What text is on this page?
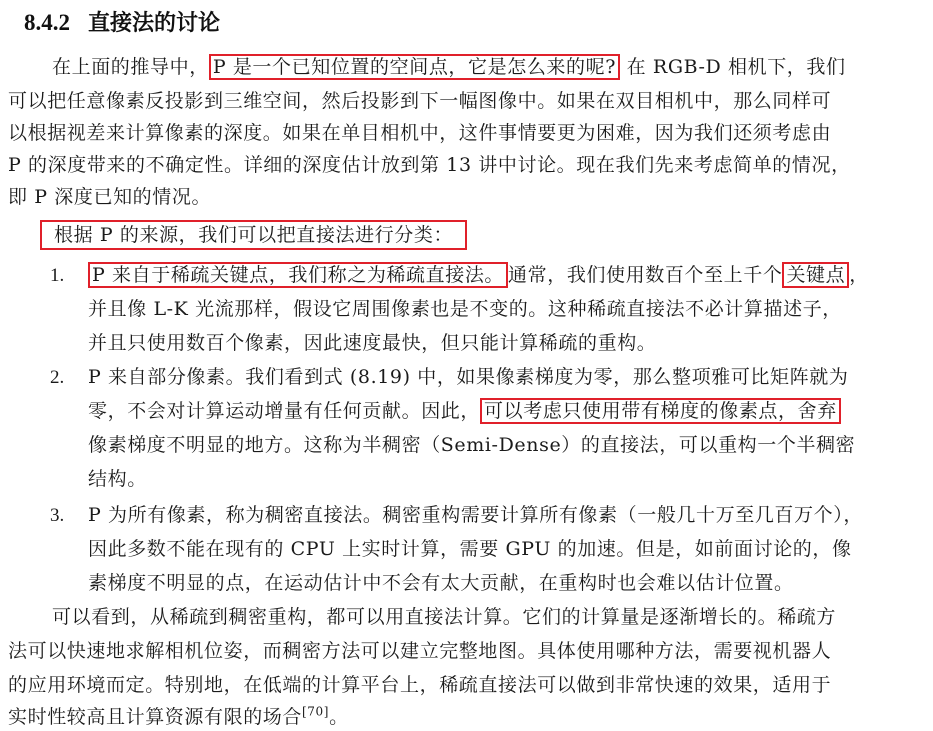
8.4.2 直接法的讨论
在上面的推导中， P 是一个已知位置的空间点，它是怎么来的呢? 在 RGB-D 相机下，我们
可以把任意像素反投影到三维空间，然后投影到下一幅图像中。如果在双目相机中，那么同样可
以根据视差来计算像素的深度。如果在单目相机中，这件事情要更为困难，因为我们还须考虑由
P 的深度带来的不确定性。详细的深度估计放到第 13 讲中讨论。现在我们先来考虑简单的情况，
即 P 深度已知的情况。
根据 P 的来源，我们可以把直接法进行分类：
1. P 来自于稀疏关键点，我们称之为稀疏直接法。 通常，我们使用数百个至上千个 关键点 ，
并且像 L-K 光流那样，假设它周围像素也是不变的。这种稀疏直接法不必计算描述子，
并且只使用数百个像素，因此速度最快，但只能计算稀疏的重构。
2. P 来自部分像素。我们看到式 (8.19) 中，如果像素梯度为零，那么整项雅可比矩阵就为
零，不会对计算运动增量有任何贡献。因此， 可以考虑只使用带有梯度的像素点，舍弃
像素梯度不明显的地方。这称为半稠密（Semi-Dense）的直接法，可以重构一个半稠密
结构。
3. P 为所有像素，称为稠密直接法。稠密重构需要计算所有像素（一般几十万至几百万个），
因此多数不能在现有的 CPU 上实时计算，需要 GPU 的加速。但是，如前面讨论的，像
素梯度不明显的点，在运动估计中不会有太大贡献，在重构时也会难以估计位置。
可以看到，从稀疏到稠密重构，都可以用直接法计算。它们的计算量是逐渐增长的。稀疏方
法可以快速地求解相机位姿，而稠密方法可以建立完整地图。具体使用哪种方法，需要视机器人
的应用环境而定。特别地，在低端的计算平台上，稀疏直接法可以做到非常快速的效果，适用于
实时性较高且计算资源有限的场合[70]。
